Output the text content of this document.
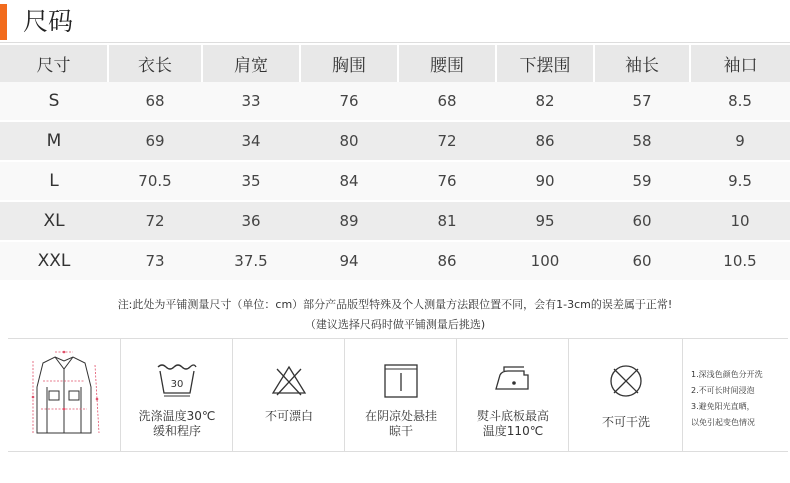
尺码
尺寸	衣长	肩宽	胸围	腰围	下摆围	袖长	袖口
S	68	33	76	68	82	57	8.5
M	69	34	80	72	86	58	9
L	70.5	35	84	76	90	59	9.5
XL	72	36	89	81	95	60	10
XXL	73	37.5	94	86	100	60	10.5
注:此处为平铺测量尺寸（单位：cm）部分产品版型特殊及个人测量方法跟位置不同，会有1-3cm的误差属于正常!
（建议选择尺码时做平铺测量后挑选)
30
洗涤温度30℃
缓和程序
不可漂白	在阴凉处悬挂
晾干
熨斗底板最高
温度110℃
不可干洗
1.深浅色颜色分开洗
2.不可长时间浸泡
3.避免阳光直晒，
以免引起变色情况
